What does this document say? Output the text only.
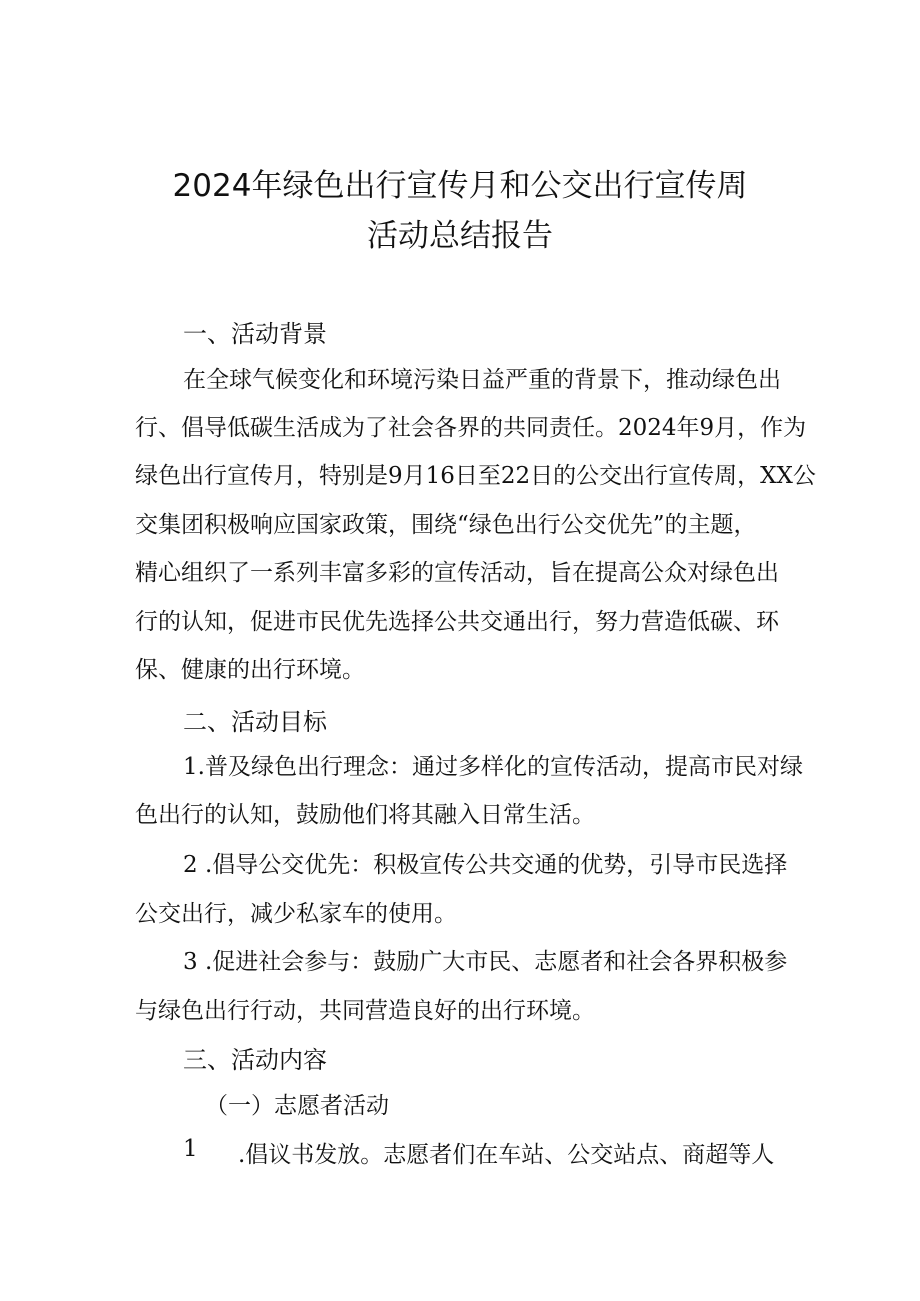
2024年绿色出行宣传月和公交出行宣传周
活动总结报告
一、活动背景
在全球气候变化和环境污染日益严重的背景下，推动绿色出
行、倡导低碳生活成为了社会各界的共同责任。2024年9月，作为
绿色出行宣传月，特别是9月16日至22日的公交出行宣传周，XX公
交集团积极响应国家政策，围绕“绿色出行公交优先”的主题，
精心组织了一系列丰富多彩的宣传活动，旨在提高公众对绿色出
行的认知，促进市民优先选择公共交通出行，努力营造低碳、环
保、健康的出行环境。
二、活动目标
1.普及绿色出行理念：通过多样化的宣传活动，提高市民对绿
色出行的认知，鼓励他们将其融入日常生活。
2 .倡导公交优先：积极宣传公共交通的优势，引导市民选择
公交出行，减少私家车的使用。
3 .促进社会参与：鼓励广大市民、志愿者和社会各界积极参
与绿色出行行动，共同营造良好的出行环境。
三、活动内容
（一）志愿者活动
1	.倡议书发放。志愿者们在车站、公交站点、商超等人
